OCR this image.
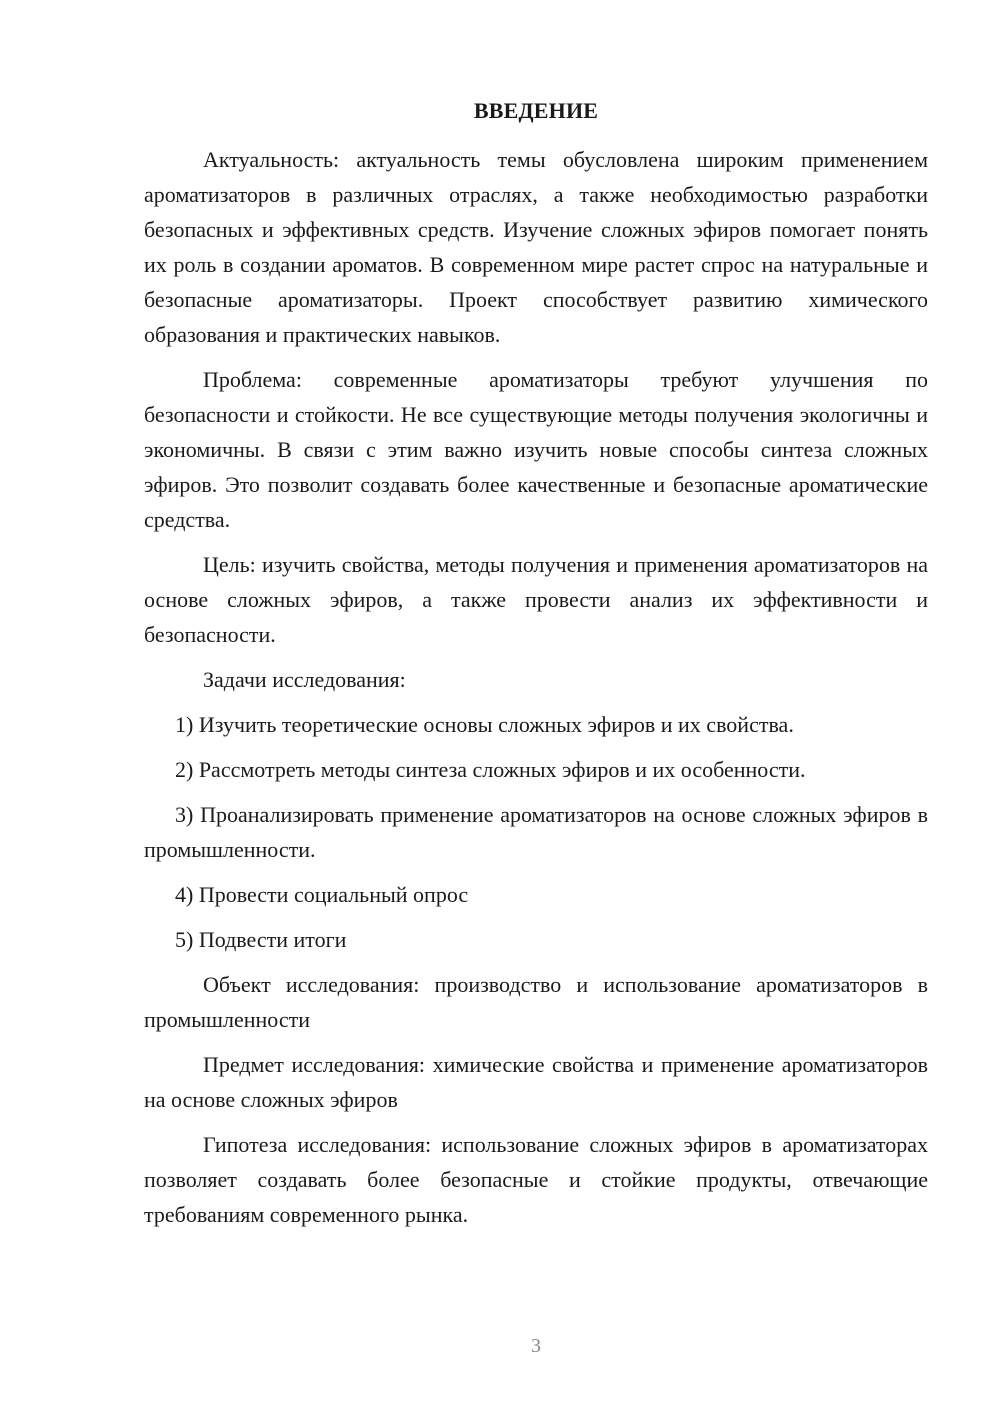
ВВЕДЕНИЕ

Актуальность: актуальность темы обусловлена широким применением ароматизаторов в различных отраслях, а также необходимостью разработки безопасных и эффективных средств. Изучение сложных эфиров помогает понять их роль в создании ароматов. В современном мире растет спрос на натуральные и безопасные ароматизаторы. Проект способствует развитию химического образования и практических навыков.

Проблема: современные ароматизаторы требуют улучшения по безопасности и стойкости. Не все существующие методы получения экологичны и экономичны. В связи с этим важно изучить новые способы синтеза сложных эфиров. Это позволит создавать более качественные и безопасные ароматические средства.

Цель: изучить свойства, методы получения и применения ароматизаторов на основе сложных эфиров, а также провести анализ их эффективности и безопасности.

Задачи исследования:

1) Изучить теоретические основы сложных эфиров и их свойства.

2) Рассмотреть методы синтеза сложных эфиров и их особенности.

3) Проанализировать применение ароматизаторов на основе сложных эфиров в промышленности.

4) Провести социальный опрос

5) Подвести итоги

Объект исследования: производство и использование ароматизаторов в промышленности

Предмет исследования: химические свойства и применение ароматизаторов на основе сложных эфиров

Гипотеза исследования: использование сложных эфиров в ароматизаторах позволяет создавать более безопасные и стойкие продукты, отвечающие требованиям современного рынка.

3
